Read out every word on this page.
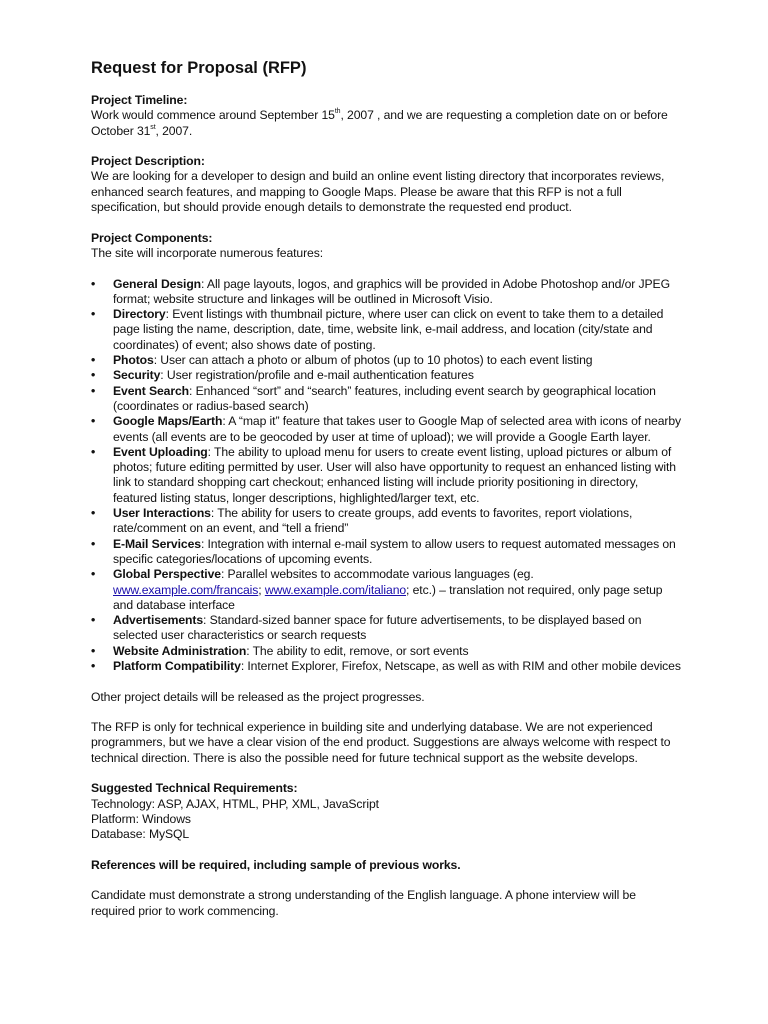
Request for Proposal (RFP)
Project Timeline:
Work would commence around September 15th, 2007 , and we are requesting a completion date on or before October 31st, 2007.
Project Description:
We are looking for a developer to design and build an online event listing directory that incorporates reviews, enhanced search features, and mapping to Google Maps. Please be aware that this RFP is not a full specification, but should provide enough details to demonstrate the requested end product.
Project Components:
The site will incorporate numerous features:
•	General Design: All page layouts, logos, and graphics will be provided in Adobe Photoshop and/or JPEG format; website structure and linkages will be outlined in Microsoft Visio.
•	Directory: Event listings with thumbnail picture, where user can click on event to take them to a detailed page listing the name, description, date, time, website link, e-mail address, and location (city/state and coordinates) of event; also shows date of posting.
•	Photos: User can attach a photo or album of photos (up to 10 photos) to each event listing
•	Security: User registration/profile and e-mail authentication features
•	Event Search: Enhanced “sort” and “search” features, including event search by geographical location (coordinates or radius-based search)
•	Google Maps/Earth: A “map it” feature that takes user to Google Map of selected area with icons of nearby events (all events are to be geocoded by user at time of upload); we will provide a Google Earth layer.
•	Event Uploading: The ability to upload menu for users to create event listing, upload pictures or album of photos; future editing permitted by user. User will also have opportunity to request an enhanced listing with link to standard shopping cart checkout; enhanced listing will include priority positioning in directory, featured listing status, longer descriptions, highlighted/larger text, etc.
•	User Interactions: The ability for users to create groups, add events to favorites, report violations, rate/comment on an event, and “tell a friend”
•	E-Mail Services: Integration with internal e-mail system to allow users to request automated messages on specific categories/locations of upcoming events.
•	Global Perspective: Parallel websites to accommodate various languages (eg. www.example.com/francais; www.example.com/italiano; etc.) – translation not required, only page setup and database interface
•	Advertisements: Standard-sized banner space for future advertisements, to be displayed based on selected user characteristics or search requests
•	Website Administration: The ability to edit, remove, or sort events
•	Platform Compatibility: Internet Explorer, Firefox, Netscape, as well as with RIM and other mobile devices
Other project details will be released as the project progresses.
The RFP is only for technical experience in building site and underlying database. We are not experienced programmers, but we have a clear vision of the end product. Suggestions are always welcome with respect to technical direction. There is also the possible need for future technical support as the website develops.
Suggested Technical Requirements:
Technology: ASP, AJAX, HTML, PHP, XML, JavaScript
Platform: Windows
Database: MySQL
References will be required, including sample of previous works.
Candidate must demonstrate a strong understanding of the English language. A phone interview will be required prior to work commencing.
